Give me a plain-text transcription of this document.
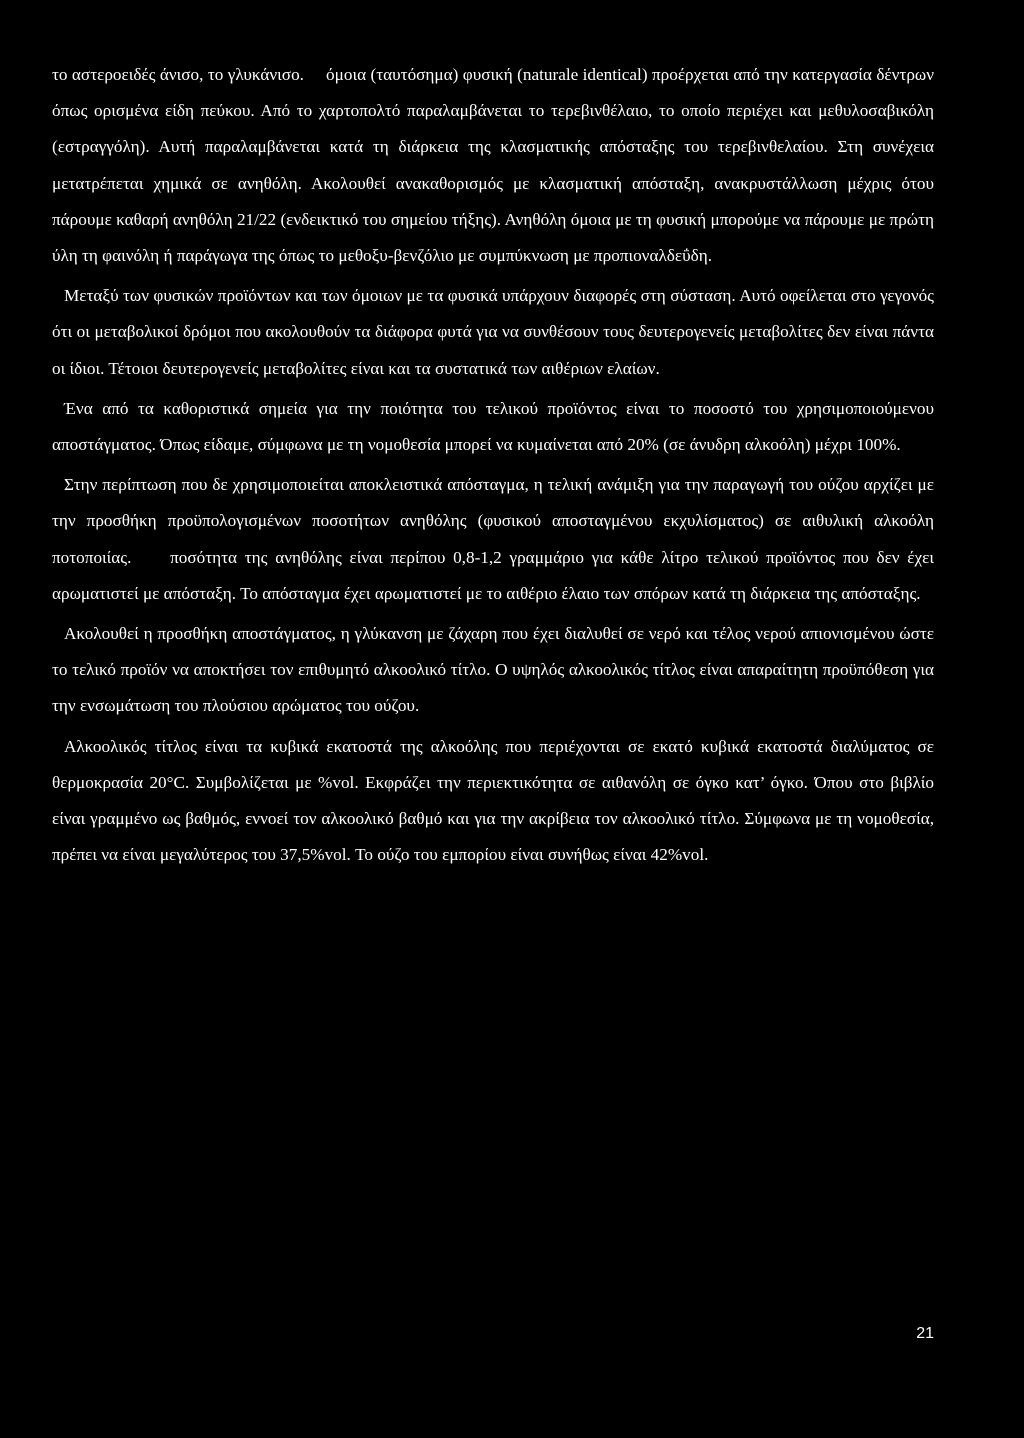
το αστεροειδές άνισο, το γλυκάνισο.     όμοια (ταυτόσημα) φυσική (naturale identical) προέρχεται από την κατεργασία δέντρων όπως ορισμένα είδη πεύκου. Από το χαρτοπολτό παραλαμβάνεται το τερεβινθέλαιο, το οποίο περιέχει και μεθυλοσαβικόλη (εστραγγόλη). Αυτή παραλαμβάνεται κατά τη διάρκεια της κλασματικής απόσταξης του τερεβινθελαίου. Στη συνέχεια μετατρέπεται χημικά σε ανηθόλη. Ακολουθεί ανακαθορισμός με κλασματική απόσταξη, ανακρυστάλλωση μέχρις ότου πάρουμε καθαρή ανηθόλη 21/22 (ενδεικτικό του σημείου τήξης). Ανηθόλη όμοια με τη φυσική μπορούμε να πάρουμε με πρώτη ύλη τη φαινόλη ή παράγωγα της όπως το μεθοξυ-βενζόλιο με συμπύκνωση με προπιοναλδεΰδη.

Μεταξύ των φυσικών προϊόντων και των όμοιων με τα φυσικά υπάρχουν διαφορές στη σύσταση. Αυτό οφείλεται στο γεγονός ότι οι μεταβολικοί δρόμοι που ακολουθούν τα διάφορα φυτά για να συνθέσουν τους δευτερογενείς μεταβολίτες δεν είναι πάντα οι ίδιοι. Τέτοιοι δευτερογενείς μεταβολίτες είναι και τα συστατικά των αιθέριων ελαίων.

Ένα από τα καθοριστικά σημεία για την ποιότητα του τελικού προϊόντος είναι το ποσοστό του χρησιμοποιούμενου αποστάγματος. Όπως είδαμε, σύμφωνα με τη νομοθεσία μπορεί να κυμαίνεται από 20% (σε άνυδρη αλκοόλη) μέχρι 100%.

Στην περίπτωση που δε χρησιμοποιείται αποκλειστικά απόσταγμα, η τελική ανάμιξη για την παραγωγή του ούζου αρχίζει με την προσθήκη προϋπολογισμένων ποσοτήτων ανηθόλης (φυσικού αποσταγμένου εκχυλίσματος) σε αιθυλική αλκοόλη ποτοποιίας.     ποσότητα της ανηθόλης είναι περίπου 0,8-1,2 γραμμάριο για κάθε λίτρο τελικού προϊόντος που δεν έχει αρωματιστεί με απόσταξη. Το απόσταγμα έχει αρωματιστεί με το αιθέριο έλαιο των σπόρων κατά τη διάρκεια της απόσταξης.

Ακολουθεί η προσθήκη αποστάγματος, η γλύκανση με ζάχαρη που έχει διαλυθεί σε νερό και τέλος νερού απιονισμένου ώστε το τελικό προϊόν να αποκτήσει τον επιθυμητό αλκοολικό τίτλο. Ο υψηλός αλκοολικός τίτλος είναι απαραίτητη προϋπόθεση για την ενσωμάτωση του πλούσιου αρώματος του ούζου.

Αλκοολικός τίτλος είναι τα κυβικά εκατοστά της αλκοόλης που περιέχονται σε εκατό κυβικά εκατοστά διαλύματος σε θερμοκρασία 20°C. Συμβολίζεται με %vol. Εκφράζει την περιεκτικότητα σε αιθανόλη σε όγκο κατ’ όγκο. Όπου στο βιβλίο είναι γραμμένο ως βαθμός, εννοεί τον αλκοολικό βαθμό και για την ακρίβεια τον αλκοολικό τίτλο. Σύμφωνα με τη νομοθεσία, πρέπει να είναι μεγαλύτερος του 37,5%vol. Το ούζο του εμπορίου είναι συνήθως είναι 42%vol.

21
